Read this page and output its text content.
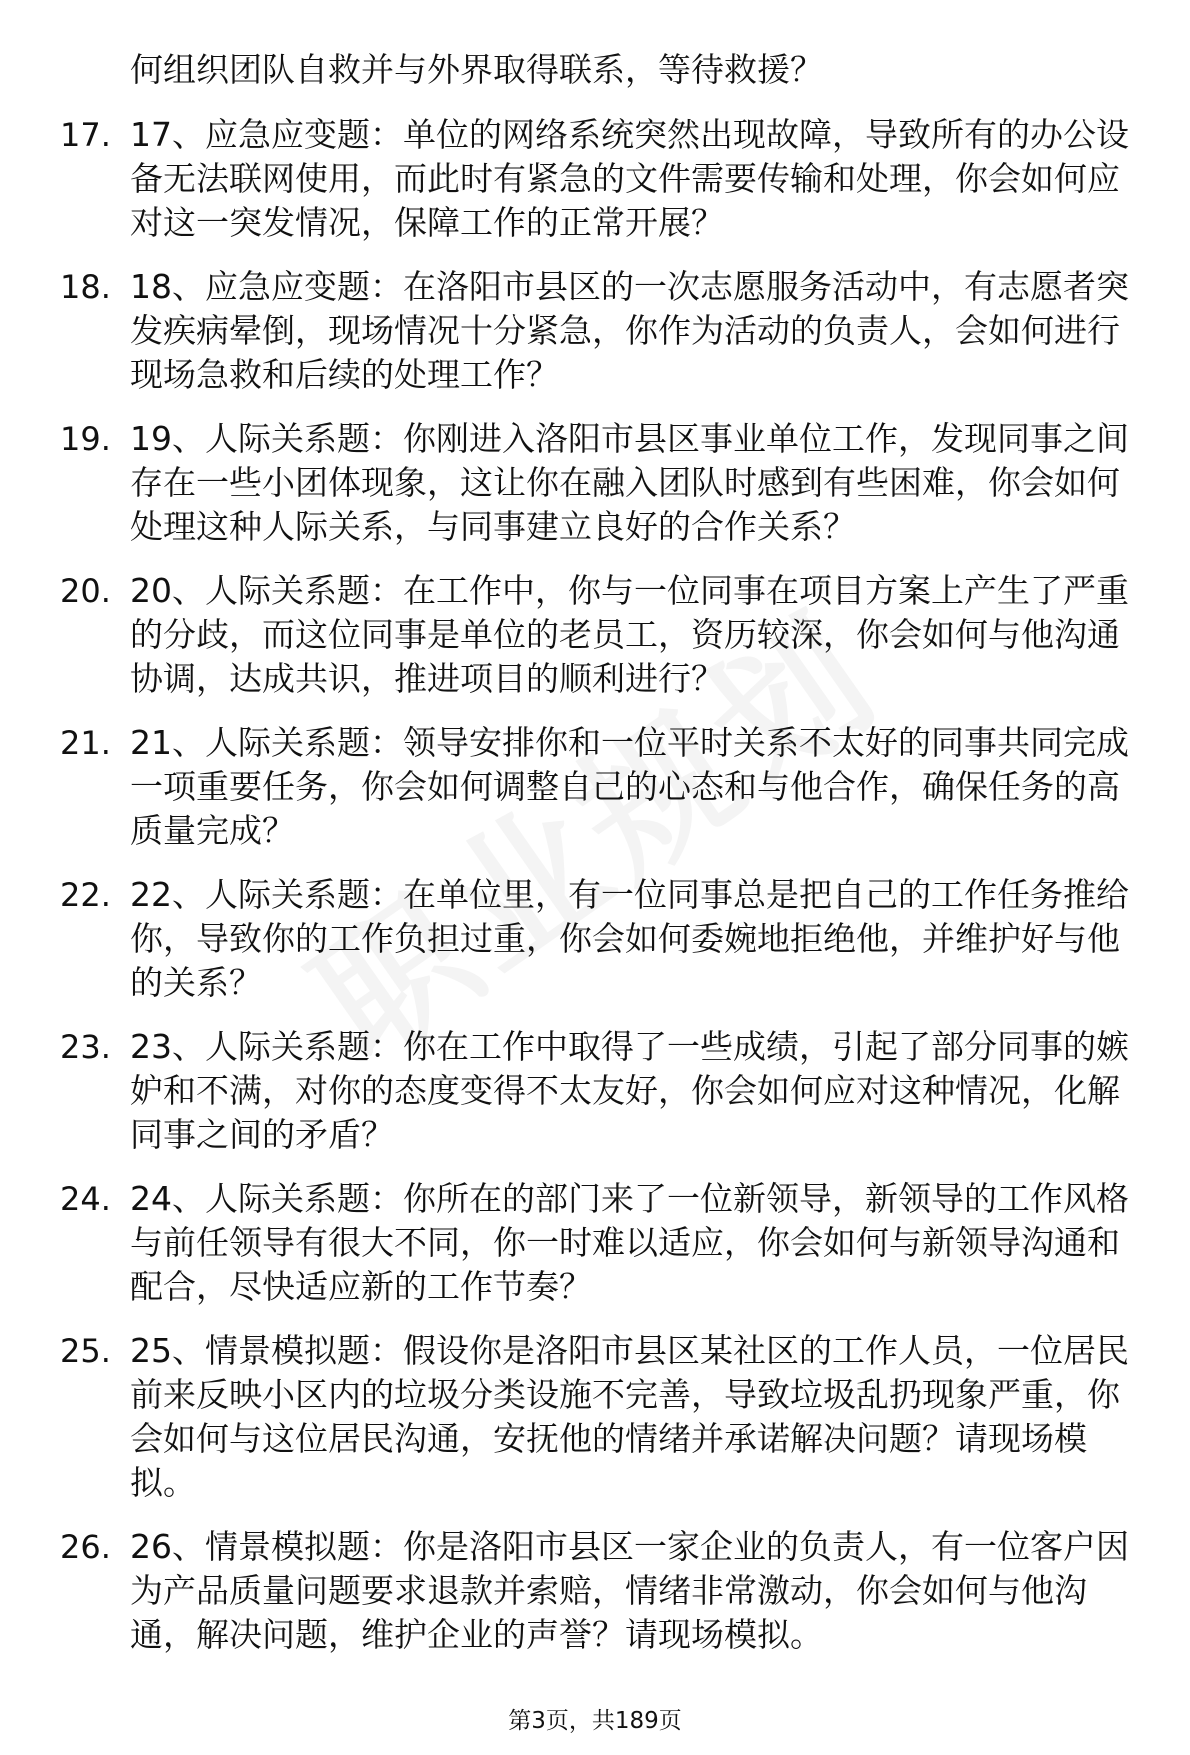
何组织团队自救并与外界取得联系，等待救援？
17. 17、应急应变题：单位的网络系统突然出现故障，导致所有的办公设备无法联网使用，而此时有紧急的文件需要传输和处理，你会如何应对这一突发情况，保障工作的正常开展？
18. 18、应急应变题：在洛阳市县区的一次志愿服务活动中，有志愿者突发疾病晕倒，现场情况十分紧急，你作为活动的负责人，会如何进行现场急救和后续的处理工作？
19. 19、人际关系题：你刚进入洛阳市县区事业单位工作，发现同事之间存在一些小团体现象，这让你在融入团队时感到有些困难，你会如何处理这种人际关系，与同事建立良好的合作关系？
20. 20、人际关系题：在工作中，你与一位同事在项目方案上产生了严重的分歧，而这位同事是单位的老员工，资历较深，你会如何与他沟通协调，达成共识，推进项目的顺利进行？
21. 21、人际关系题：领导安排你和一位平时关系不太好的同事共同完成一项重要任务，你会如何调整自己的心态和与他合作，确保任务的高质量完成？
22. 22、人际关系题：在单位里，有一位同事总是把自己的工作任务推给你，导致你的工作负担过重，你会如何委婉地拒绝他，并维护好与他的关系？
23. 23、人际关系题：你在工作中取得了一些成绩，引起了部分同事的嫉妒和不满，对你的态度变得不太友好，你会如何应对这种情况，化解同事之间的矛盾？
24. 24、人际关系题：你所在的部门来了一位新领导，新领导的工作风格与前任领导有很大不同，你一时难以适应，你会如何与新领导沟通和配合，尽快适应新的工作节奏？
25. 25、情景模拟题：假设你是洛阳市县区某社区的工作人员，一位居民前来反映小区内的垃圾分类设施不完善，导致垃圾乱扔现象严重，你会如何与这位居民沟通，安抚他的情绪并承诺解决问题？请现场模拟。
26. 26、情景模拟题：你是洛阳市县区一家企业的负责人，有一位客户因为产品质量问题要求退款并索赔，情绪非常激动，你会如何与他沟通，解决问题，维护企业的声誉？请现场模拟。
第3页，共189页
